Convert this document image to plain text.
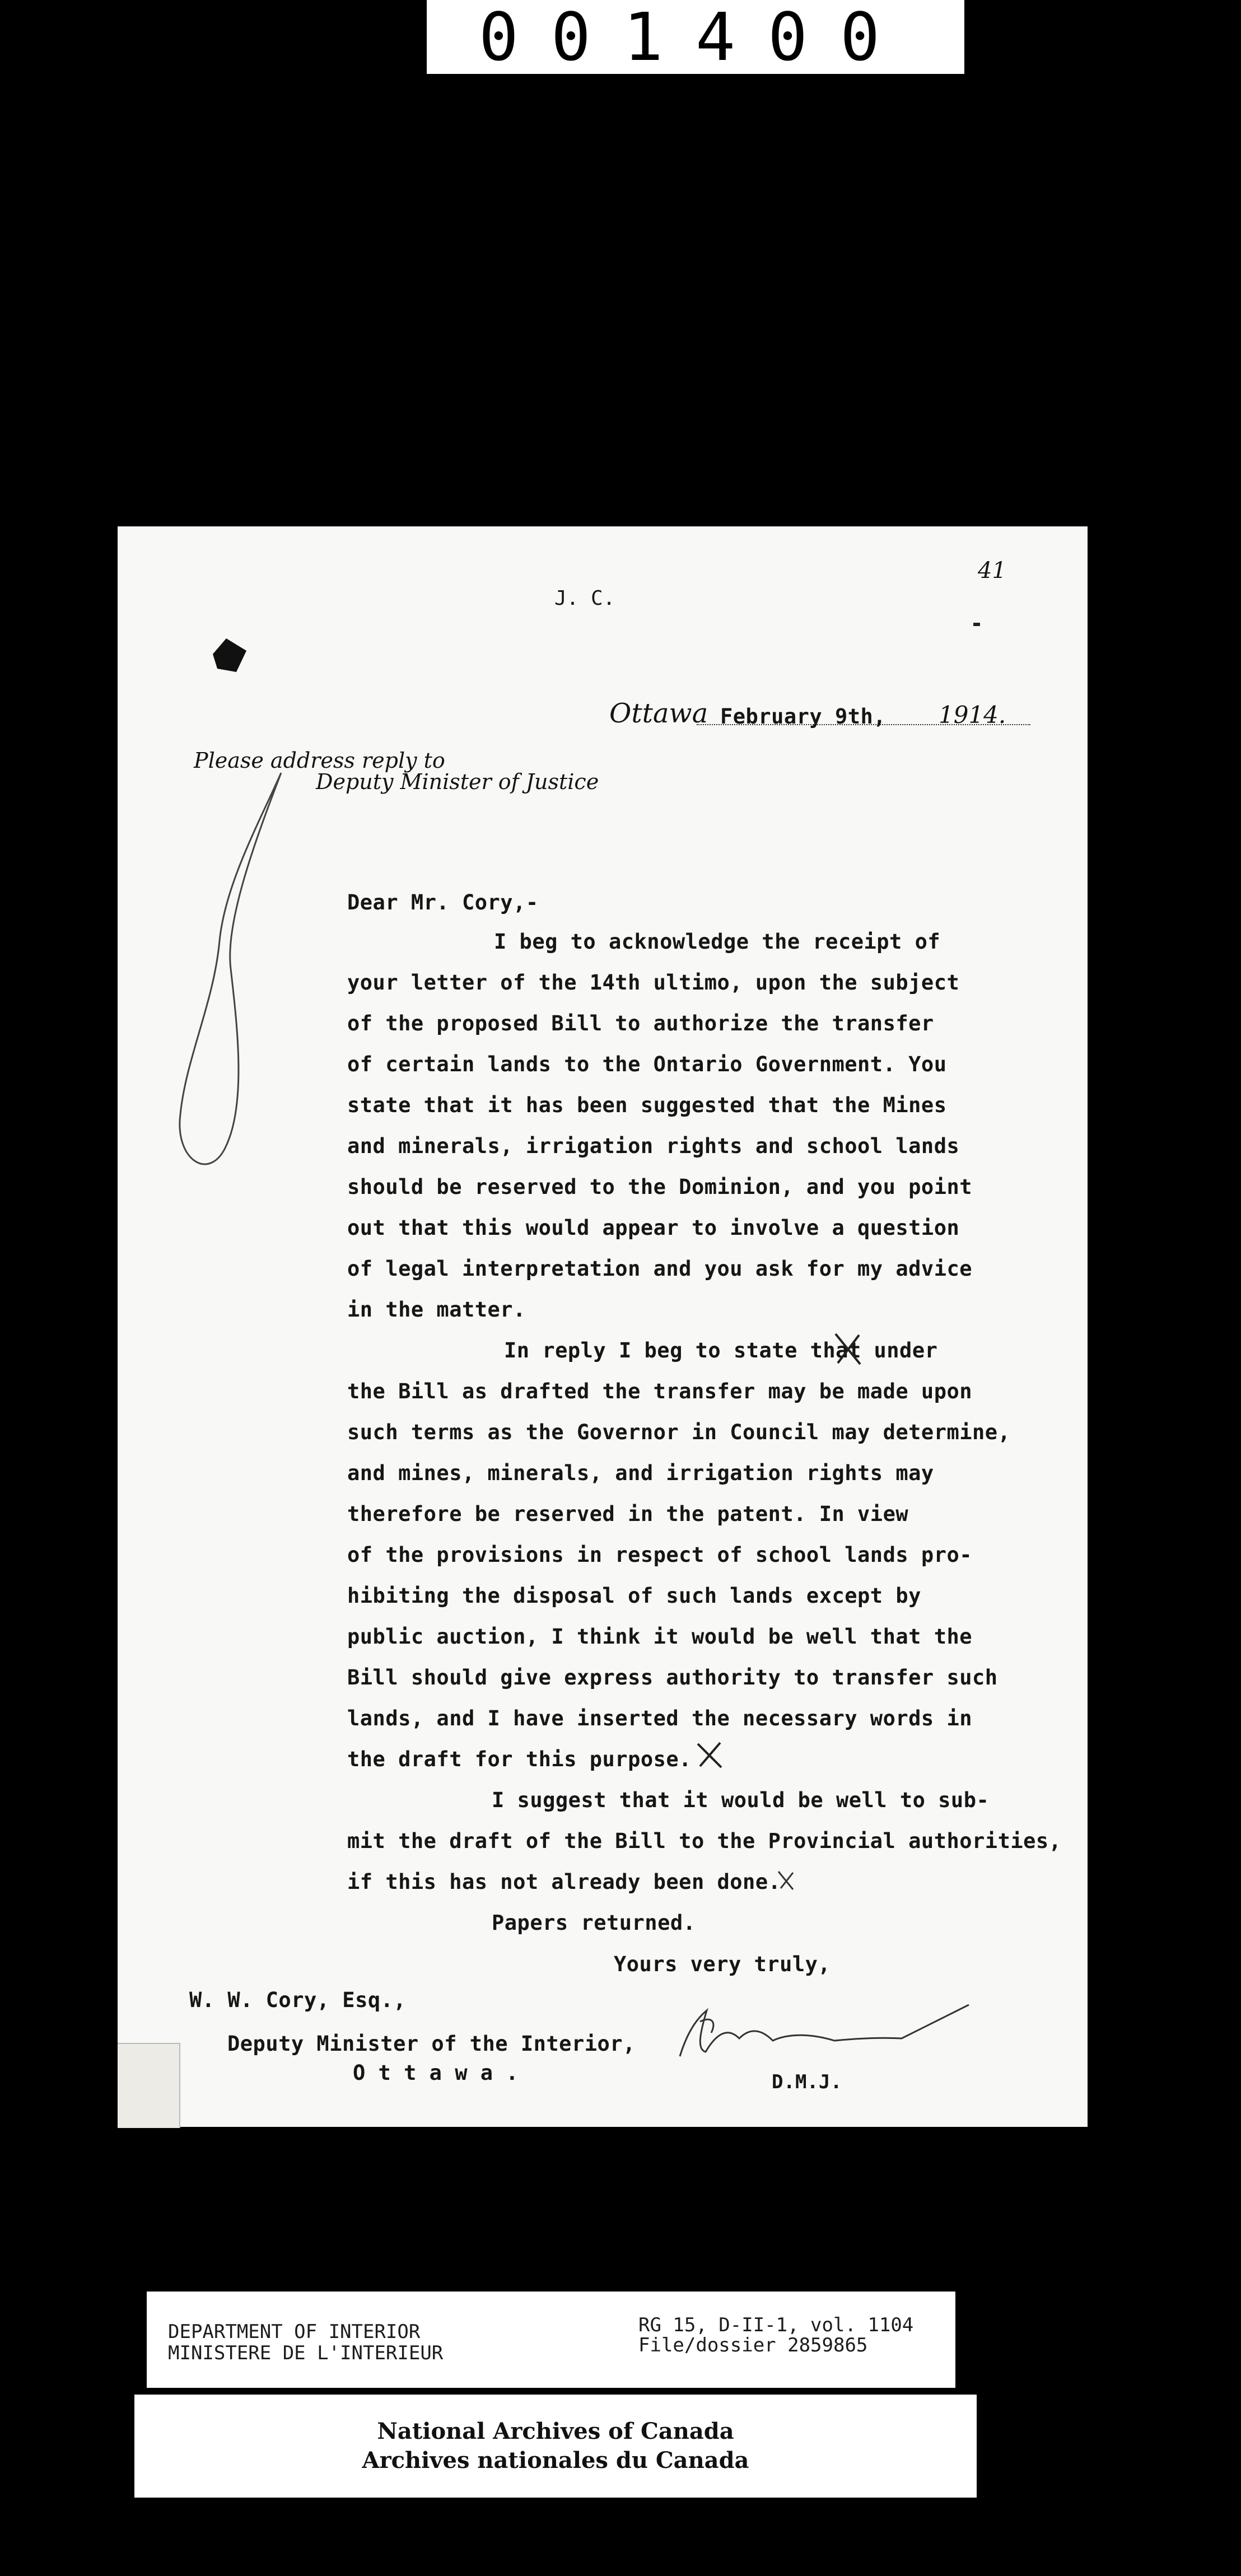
001400
41
J. C.
Ottawa February 9th, 1914.
Please address reply to
Deputy Minister of Justice
Dear Mr. Cory,-
I beg to acknowledge the receipt of
your letter of the 14th ultimo, upon the subject
of the proposed Bill to authorize the transfer
of certain lands to the Ontario Government. You
state that it has been suggested that the Mines
and minerals, irrigation rights and school lands
should be reserved to the Dominion, and you point
out that this would appear to involve a question
of legal interpretation and you ask for my advice
in the matter.
In reply I beg to state that under
the Bill as drafted the transfer may be made upon
such terms as the Governor in Council may determine,
and mines, minerals, and irrigation rights may
therefore be reserved in the patent. In view
of the provisions in respect of school lands pro-
hibiting the disposal of such lands except by
public auction, I think it would be well that the
Bill should give express authority to transfer such
lands, and I have inserted the necessary words in
the draft for this purpose.
I suggest that it would be well to sub-
mit the draft of the Bill to the Provincial authorities,
if this has not already been done.
Papers returned.
Yours very truly,
W. W. Cory, Esq.,
Deputy Minister of the Interior,
O t t a w a .	D.M.J.
DEPARTMENT OF INTERIOR
MINISTERE DE L'INTERIEUR
RG 15, D-II-1, vol. 1104
File/dossier 2859865
National Archives of Canada
Archives nationales du Canada
